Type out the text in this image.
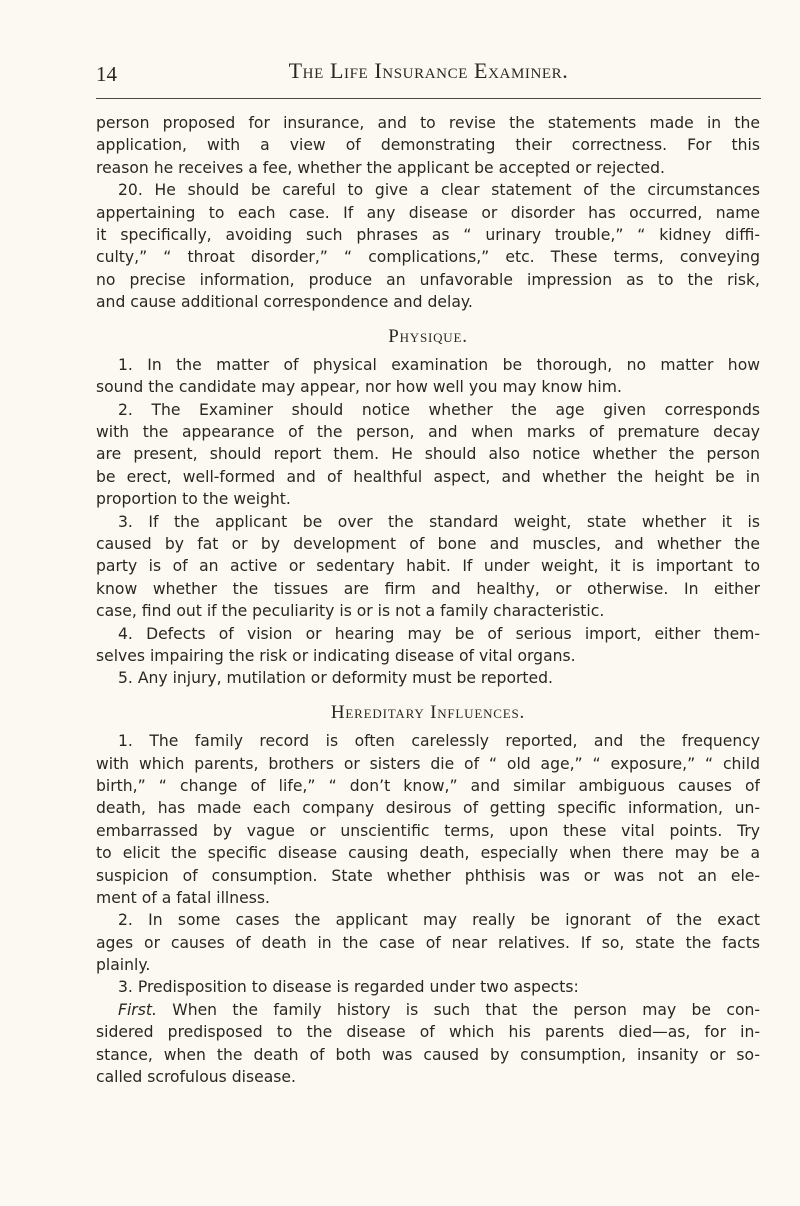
14	The Life Insurance Examiner.
person proposed for insurance, and to revise the statements made in the
application, with a view of demonstrating their correctness. For this
reason he receives a fee, whether the applicant be accepted or rejected.
20. He should be careful to give a clear statement of the circumstances
appertaining to each case. If any disease or disorder has occurred, name
it specifically, avoiding such phrases as “ urinary trouble,” “ kidney diffi-
culty,” “ throat disorder,” “ complications,” etc. These terms, conveying
no precise information, produce an unfavorable impression as to the risk,
and cause additional correspondence and delay.
Physique.
1. In the matter of physical examination be thorough, no matter how
sound the candidate may appear, nor how well you may know him.
2. The Examiner should notice whether the age given corresponds
with the appearance of the person, and when marks of premature decay
are present, should report them. He should also notice whether the person
be erect, well-formed and of healthful aspect, and whether the height be in
proportion to the weight.
3. If the applicant be over the standard weight, state whether it is
caused by fat or by development of bone and muscles, and whether the
party is of an active or sedentary habit. If under weight, it is important to
know whether the tissues are firm and healthy, or otherwise. In either
case, find out if the peculiarity is or is not a family characteristic.
4. Defects of vision or hearing may be of serious import, either them-
selves impairing the risk or indicating disease of vital organs.
5. Any injury, mutilation or deformity must be reported.
Hereditary Influences.
1. The family record is often carelessly reported, and the frequency
with which parents, brothers or sisters die of “ old age,” “ exposure,” “ child
birth,” “ change of life,” “ don’t know,” and similar ambiguous causes of
death, has made each company desirous of getting specific information, un-
embarrassed by vague or unscientific terms, upon these vital points. Try
to elicit the specific disease causing death, especially when there may be a
suspicion of consumption. State whether phthisis was or was not an ele-
ment of a fatal illness.
2. In some cases the applicant may really be ignorant of the exact
ages or causes of death in the case of near relatives. If so, state the facts
plainly.
3. Predisposition to disease is regarded under two aspects:
First. When the family history is such that the person may be con-
sidered predisposed to the disease of which his parents died—as, for in-
stance, when the death of both was caused by consumption, insanity or so-
called scrofulous disease.
